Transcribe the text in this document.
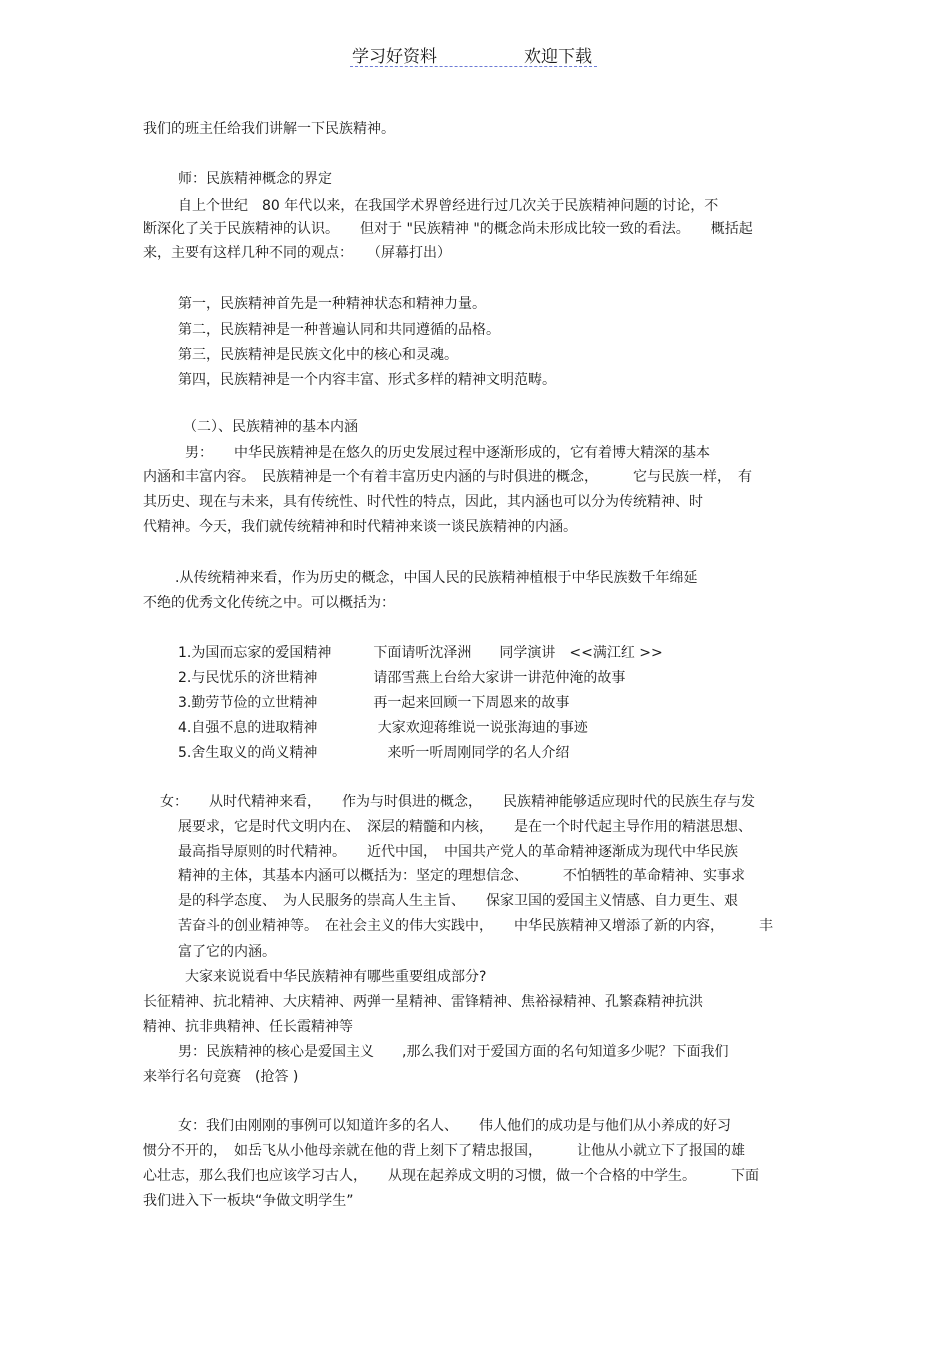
学习好资料	欢迎下载
我们的班主任给我们讲解一下民族精神。
师：民族精神概念的界定
自上个世纪　80 年代以来，在我国学术界曾经进行过几次关于民族精神问题的讨论，不
断深化了关于民族精神的认识。　　但对于 "民族精神 "的概念尚未形成比较一致的看法。　　概括起
来，主要有这样几种不同的观点：　　（屏幕打出）
第一，民族精神首先是一种精神状态和精神力量。
第二，民族精神是一种普遍认同和共同遵循的品格。
第三，民族精神是民族文化中的核心和灵魂。
第四，民族精神是一个内容丰富、形式多样的精神文明范畴。
（二）、民族精神的基本内涵
男：　　中华民族精神是在悠久的历史发展过程中逐渐形成的，它有着博大精深的基本
内涵和丰富内容。　民族精神是一个有着丰富历史内涵的与时俱进的概念，　　　它与民族一样，　有
其历史、现在与未来，具有传统性、时代性的特点，因此，其内涵也可以分为传统精神、时
代精神。今天，我们就传统精神和时代精神来谈一谈民族精神的内涵。
.从传统精神来看，作为历史的概念，中国人民的民族精神植根于中华民族数千年绵延
不绝的优秀文化传统之中。可以概括为：
1.为国而忘家的爱国精神　　　下面请听沈泽洲　　同学演讲　<<满江红 >>
2.与民忧乐的济世精神　　　　请邵雪燕上台给大家讲一讲范仲淹的故事
3.勤劳节俭的立世精神　　　　再一起来回顾一下周恩来的故事
4.自强不息的进取精神　　　　 大家欢迎蒋维说一说张海迪的事迹
5.舍生取义的尚义精神　　　　　来听一听周刚同学的名人介绍
女：　　从时代精神来看，　　作为与时俱进的概念，　　民族精神能够适应现时代的民族生存与发
展要求，它是时代文明内在、　深层的精髓和内核，　　是在一个时代起主导作用的精湛思想、
最高指导原则的时代精神。　　近代中国，　中国共产党人的革命精神逐渐成为现代中华民族
精神的主体，其基本内涵可以概括为：坚定的理想信念、　　　不怕牺牲的革命精神、实事求
是的科学态度、　为人民服务的崇高人生主旨、　　保家卫国的爱国主义情感、自力更生、艰
苦奋斗的创业精神等。　在社会主义的伟大实践中，　　中华民族精神又增添了新的内容，　　　丰
富了它的内涵。
大家来说说看中华民族精神有哪些重要组成部分?
长征精神、抗北精神、大庆精神、两弹一星精神、雷锋精神、焦裕禄精神、孔繁森精神抗洪
精神、抗非典精神、任长霞精神等
男：民族精神的核心是爱国主义　　,那么我们对于爱国方面的名句知道多少呢？下面我们
来举行名句竞赛　(抢答 )
女：我们由刚刚的事例可以知道许多的名人、　　伟人他们的成功是与他们从小养成的好习
惯分不开的，　如岳飞从小他母亲就在他的背上刻下了精忠报国，　　　让他从小就立下了报国的雄
心壮志，那么我们也应该学习古人，　　从现在起养成文明的习惯，做一个合格的中学生。　　　下面
我们进入下一板块“争做文明学生”
